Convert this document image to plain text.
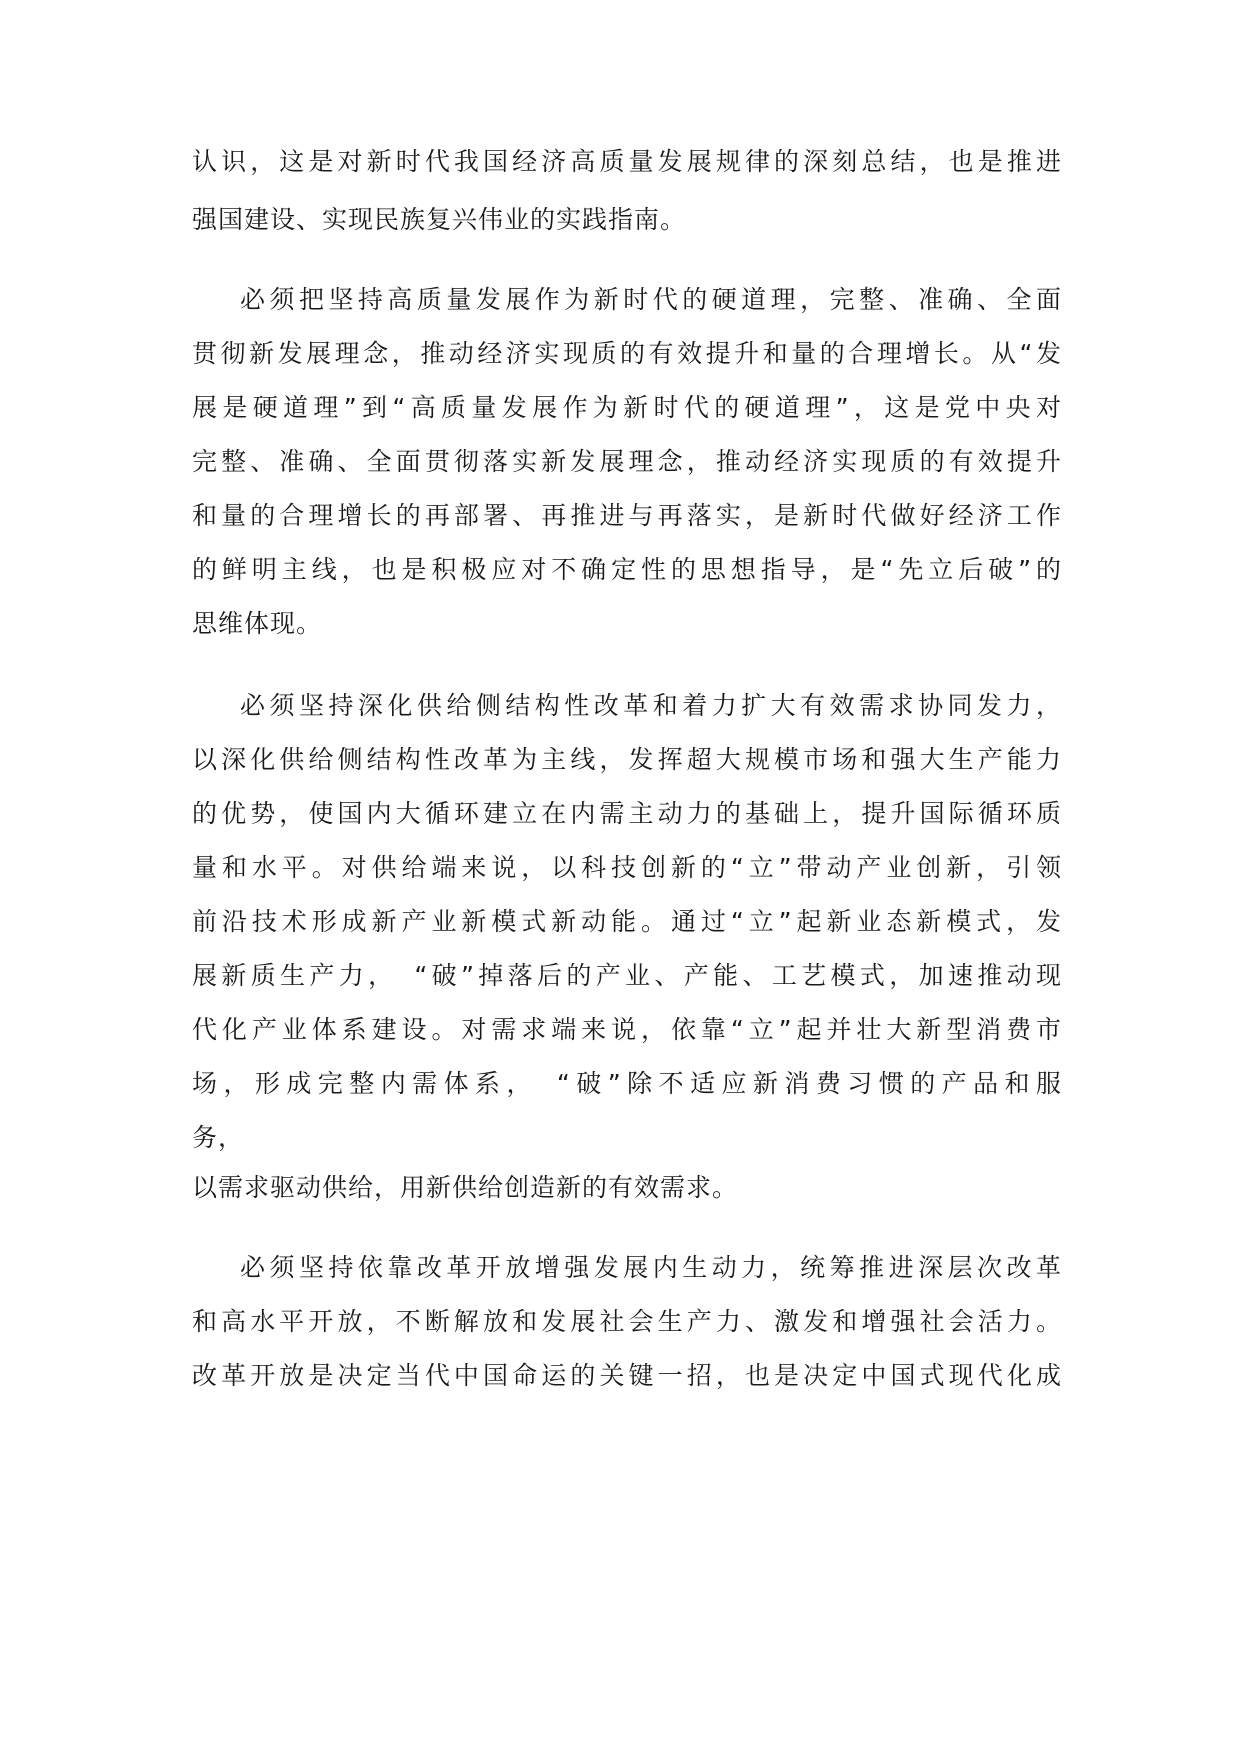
认识，这是对新时代我国经济高质量发展规律的深刻总结，也是推进
强国建设、实现民族复兴伟业的实践指南。
必须把坚持高质量发展作为新时代的硬道理，完整、准确、全面
贯彻新发展理念，推动经济实现质的有效提升和量的合理增长。从“发
展是硬道理”到“高质量发展作为新时代的硬道理”，这是党中央对
完整、准确、全面贯彻落实新发展理念，推动经济实现质的有效提升
和量的合理增长的再部署、再推进与再落实，是新时代做好经济工作
的鲜明主线，也是积极应对不确定性的思想指导，是“先立后破”的
思维体现。
必须坚持深化供给侧结构性改革和着力扩大有效需求协同发力，
以深化供给侧结构性改革为主线，发挥超大规模市场和强大生产能力
的优势，使国内大循环建立在内需主动力的基础上，提升国际循环质
量和水平。对供给端来说，以科技创新的“立”带动产业创新，引领
前沿技术形成新产业新模式新动能。通过“立”起新业态新模式，发
展新质生产力，　“破”掉落后的产业、产能、工艺模式，加速推动现
代化产业体系建设。对需求端来说，依靠“立”起并壮大新型消费市
场，形成完整内需体系，　“破”除不适应新消费习惯的产品和服
务，
以需求驱动供给，用新供给创造新的有效需求。
必须坚持依靠改革开放增强发展内生动力，统筹推进深层次改革
和高水平开放，不断解放和发展社会生产力、激发和增强社会活力。
改革开放是决定当代中国命运的关键一招，也是决定中国式现代化成
